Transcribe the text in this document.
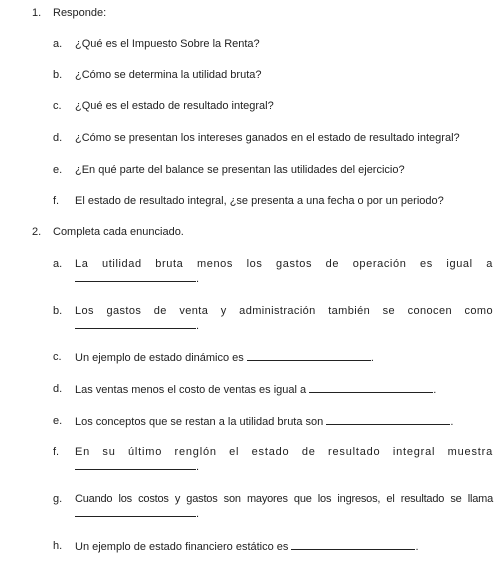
1. Responde:
a. ¿Qué es el Impuesto Sobre la Renta?
b. ¿Cómo se determina la utilidad bruta?
c. ¿Qué es el estado de resultado integral?
d. ¿Cómo se presentan los intereses ganados en el estado de resultado integral?
e. ¿En qué parte del balance se presentan las utilidades del ejercicio?
f. El estado de resultado integral, ¿se presenta a una fecha o por un periodo?
2. Completa cada enunciado.
a. La utilidad bruta menos los gastos de operación es igual a
.
b. Los gastos de venta y administración también se conocen como
.
c. Un ejemplo de estado dinámico es	.
d. Las ventas menos el costo de ventas es igual a	.
e. Los conceptos que se restan a la utilidad bruta son	.
f. En su último renglón el estado de resultado integral muestra
.
g. Cuando los costos y gastos son mayores que los ingresos, el resultado se llama
.
h. Un ejemplo de estado financiero estático es	.
